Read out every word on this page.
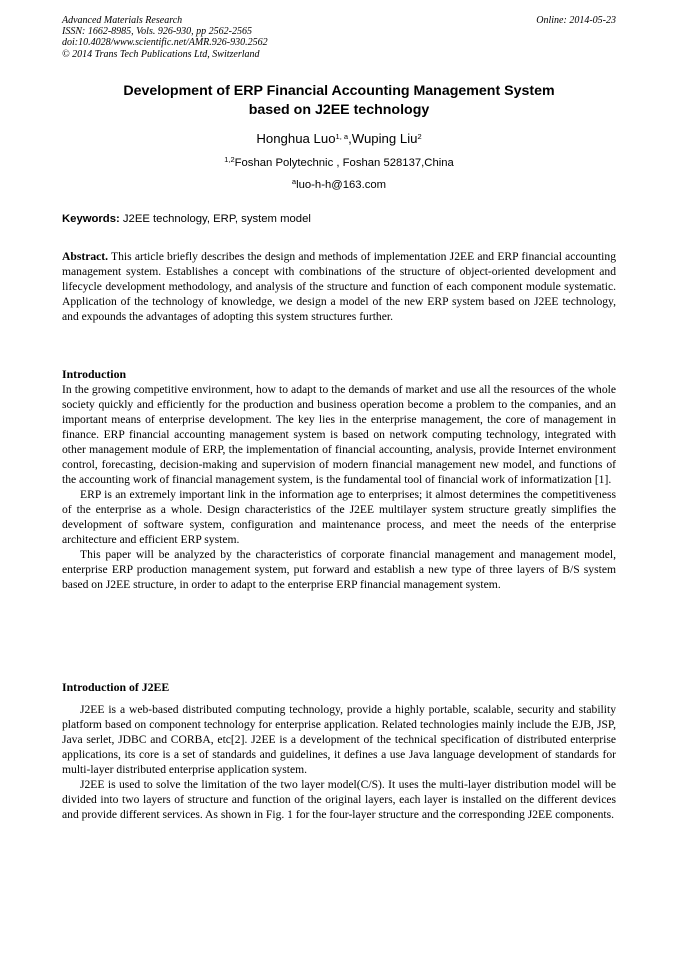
Advanced Materials Research
ISSN: 1662-8985, Vols. 926-930, pp 2562-2565
doi:10.4028/www.scientific.net/AMR.926-930.2562
© 2014 Trans Tech Publications Ltd, Switzerland
Online: 2014-05-23
Development of ERP Financial Accounting Management System
based on J2EE technology
Honghua Luo$^{1, a}$,Wuping Liu$^2$
$^{1,2}$Foshan Polytechnic , Foshan 528137,China
$^a$luo-h-h@163.com
Keywords: J2EE technology, ERP, system model

Abstract. This article briefly describes the design and methods of implementation J2EE and ERP financial accounting management system. Establishes a concept with combinations of the structure of object-oriented development and lifecycle development methodology, and analysis of the structure and function of each component module systematic. Application of the technology of knowledge, we design a model of the new ERP system based on J2EE technology, and expounds the advantages of adopting this system structures further.

Introduction

In the growing competitive environment, how to adapt to the demands of market and use all the resources of the whole society quickly and efficiently for the production and business operation become a problem to the companies, and an important means of enterprise development. The key lies in the enterprise management, the core of management in finance. ERP financial accounting management system is based on network computing technology, integrated with other management module of ERP, the implementation of financial accounting, analysis, provide Internet environment control, forecasting, decision-making and supervision of modern financial management new model, and functions of the accounting work of financial management system, is the fundamental tool of financial work of informatization [1].

ERP is an extremely important link in the information age to enterprises; it almost determines the competitiveness of the enterprise as a whole. Design characteristics of the J2EE multilayer system structure greatly simplifies the development of software system, configuration and maintenance process, and meet the needs of the enterprise architecture and efficient ERP system.

This paper will be analyzed by the characteristics of corporate financial management and management model, enterprise ERP production management system, put forward and establish a new type of three layers of B/S system based on J2EE structure, in order to adapt to the enterprise ERP financial management system.

Introduction of J2EE

J2EE is a web-based distributed computing technology, provide a highly portable, scalable, security and stability platform based on component technology for enterprise application. Related technologies mainly include the EJB, JSP, Java serlet, JDBC and CORBA, etc[2]. J2EE is a development of the technical specification of distributed enterprise applications, its core is a set of standards and guidelines, it defines a use Java language development of standards for multi-layer distributed enterprise application system.

J2EE is used to solve the limitation of the two layer model(C/S). It uses the multi-layer distribution model will be divided into two layers of structure and function of the original layers, each layer is installed on the different devices and provide different services. As shown in Fig. 1 for the four-layer structure and the corresponding J2EE components.
